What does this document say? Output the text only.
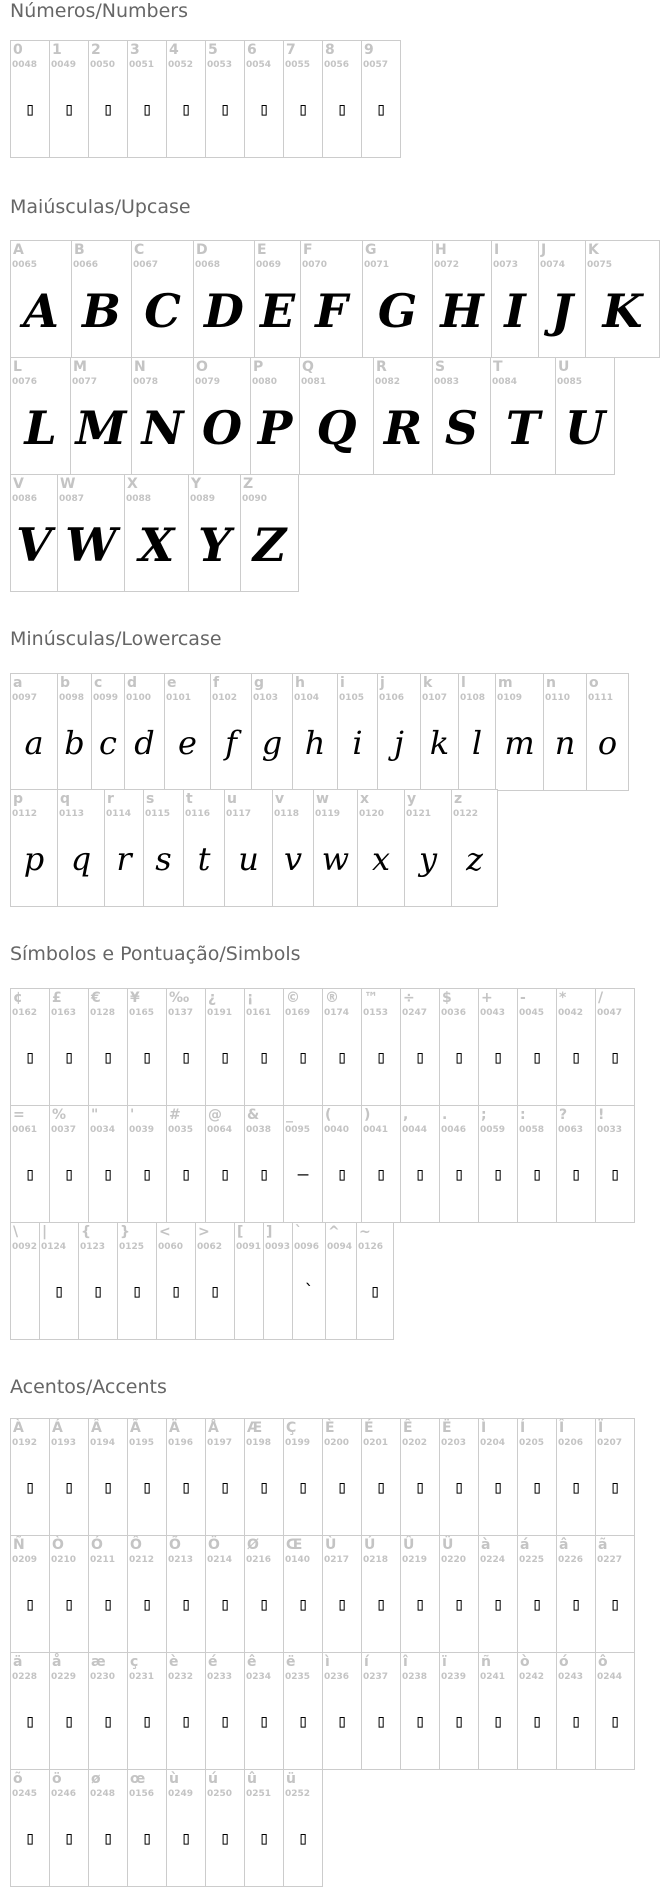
Números/Numbers
0
0048
▯
1
0049
▯
2
0050
▯
3
0051
▯
4
0052
▯
5
0053
▯
6
0054
▯
7
0055
▯
8
0056
▯
9
0057
▯
Maiúsculas/Upcase
A
0065
A
B
0066
B
C
0067
C
D
0068
D
E
0069
E
F
0070
F
G
0071
G
H
0072
H
I
0073
I
J
0074
J
K
0075
K
L
0076
L
M
0077
M
N
0078
N
O
0079
O
P
0080
P
Q
0081
Q
R
0082
R
S
0083
S
T
0084
T
U
0085
U
V
0086
V
W
0087
W
X
0088
X
Y
0089
Y
Z
0090
Z
Minúsculas/Lowercase
a
0097
a
b
0098
b
c
0099
c
d
0100
d
e
0101
e
f
0102
f
g
0103
g
h
0104
h
i
0105
i
j
0106
j
k
0107
k
l
0108
l
m
0109
m
n
0110
n
o
0111
o
p
0112
p
q
0113
q
r
0114
r
s
0115
s
t
0116
t
u
0117
u
v
0118
v
w
0119
w
x
0120
x
y
0121
y
z
0122
z
Símbolos e Pontuação/Simbols
¢
0162
▯
£
0163
▯
€
0128
▯
¥
0165
▯
‰
0137
▯
¿
0191
▯
¡
0161
▯
©
0169
▯
®
0174
▯
™
0153
▯
÷
0247
▯
$
0036
▯
+
0043
▯
-
0045
▯
*
0042
▯
/
0047
▯
=
0061
▯
%
0037
▯
"
0034
▯
'
0039
▯
#
0035
▯
@
0064
▯
&
0038
▯
_
0095
—
(
0040
▯
)
0041
▯
,
0044
▯
.
0046
▯
;
0059
▯
:
0058
▯
?
0063
▯
!
0033
▯
\
0092
|
0124
▯
{
0123
▯
}
0125
▯
<
0060
▯
>
0062
▯
[
0091
]
0093
`
0096
`
^
0094
~
0126
▯
Acentos/Accents
À
0192
▯
Á
0193
▯
Â
0194
▯
Ã
0195
▯
Ä
0196
▯
Å
0197
▯
Æ
0198
▯
Ç
0199
▯
È
0200
▯
É
0201
▯
Ê
0202
▯
Ë
0203
▯
Ì
0204
▯
Í
0205
▯
Î
0206
▯
Ï
0207
▯
Ñ
0209
▯
Ò
0210
▯
Ó
0211
▯
Ô
0212
▯
Õ
0213
▯
Ö
0214
▯
Ø
0216
▯
Œ
0140
▯
Ù
0217
▯
Ú
0218
▯
Û
0219
▯
Ü
0220
▯
à
0224
▯
á
0225
▯
â
0226
▯
ã
0227
▯
ä
0228
▯
å
0229
▯
æ
0230
▯
ç
0231
▯
è
0232
▯
é
0233
▯
ê
0234
▯
ë
0235
▯
ì
0236
▯
í
0237
▯
î
0238
▯
ï
0239
▯
ñ
0241
▯
ò
0242
▯
ó
0243
▯
ô
0244
▯
õ
0245
▯
ö
0246
▯
ø
0248
▯
œ
0156
▯
ù
0249
▯
ú
0250
▯
û
0251
▯
ü
0252
▯
